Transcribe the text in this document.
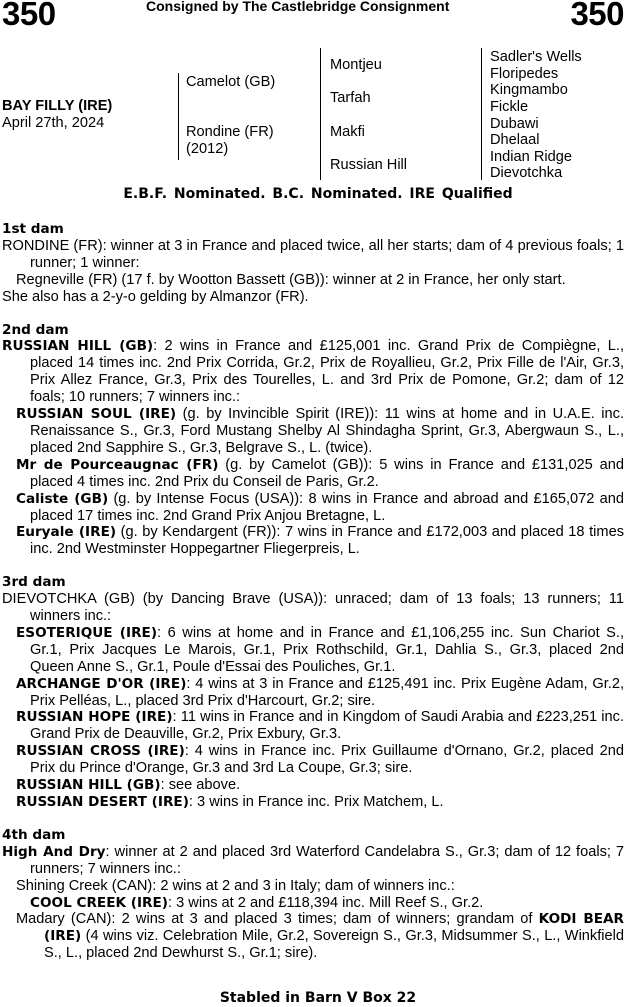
350	Consigned by The Castlebridge Consignment	350
BAY FILLY (IRE)
April 27th, 2024
Camelot (GB)
Rondine (FR)
(2012)
Montjeu
Tarfah
Makfi
Russian Hill
Sadler's Wells
Floripedes
Kingmambo
Fickle
Dubawi
Dhelaal
Indian Ridge
Dievotchka
E.B.F. Nominated. B.C. Nominated. IRE Qualified
1st dam

RONDINE (FR): winner at 3 in France and placed twice, all her starts; dam of 4 previous foals; 1 runner; 1 winner:

Regneville (FR) (17 f. by Wootton Bassett (GB)): winner at 2 in France, her only start.

She also has a 2-y-o gelding by Almanzor (FR).

2nd dam

RUSSIAN HILL (GB): 2 wins in France and £125,001 inc. Grand Prix de Compiègne, L., placed 14 times inc. 2nd Prix Corrida, Gr.2, Prix de Royallieu, Gr.2, Prix Fille de l'Air, Gr.3, Prix Allez France, Gr.3, Prix des Tourelles, L. and 3rd Prix de Pomone, Gr.2; dam of 12 foals; 10 runners; 7 winners inc.:

RUSSIAN SOUL (IRE) (g. by Invincible Spirit (IRE)): 11 wins at home and in U.A.E. inc. Renaissance S., Gr.3, Ford Mustang Shelby Al Shindagha Sprint, Gr.3, Abergwaun S., L., placed 2nd Sapphire S., Gr.3, Belgrave S., L. (twice).

Mr de Pourceaugnac (FR) (g. by Camelot (GB)): 5 wins in France and £131,025 and placed 4 times inc. 2nd Prix du Conseil de Paris, Gr.2.

Caliste (GB) (g. by Intense Focus (USA)): 8 wins in France and abroad and £165,072 and placed 17 times inc. 2nd Grand Prix Anjou Bretagne, L.

Euryale (IRE) (g. by Kendargent (FR)): 7 wins in France and £172,003 and placed 18 times inc. 2nd Westminster Hoppegartner Fliegerpreis, L.

3rd dam

DIEVOTCHKA (GB) (by Dancing Brave (USA)): unraced; dam of 13 foals; 13 runners; 11 winners inc.:

ESOTERIQUE (IRE): 6 wins at home and in France and £1,106,255 inc. Sun Chariot S., Gr.1, Prix Jacques Le Marois, Gr.1, Prix Rothschild, Gr.1, Dahlia S., Gr.3, placed 2nd Queen Anne S., Gr.1, Poule d'Essai des Pouliches, Gr.1.

ARCHANGE D'OR (IRE): 4 wins at 3 in France and £125,491 inc. Prix Eugène Adam, Gr.2, Prix Pelléas, L., placed 3rd Prix d'Harcourt, Gr.2; sire.

RUSSIAN HOPE (IRE): 11 wins in France and in Kingdom of Saudi Arabia and £223,251 inc. Grand Prix de Deauville, Gr.2, Prix Exbury, Gr.3.

RUSSIAN CROSS (IRE): 4 wins in France inc. Prix Guillaume d'Ornano, Gr.2, placed 2nd Prix du Prince d'Orange, Gr.3 and 3rd La Coupe, Gr.3; sire.

RUSSIAN HILL (GB): see above.

RUSSIAN DESERT (IRE): 3 wins in France inc. Prix Matchem, L.

4th dam

High And Dry: winner at 2 and placed 3rd Waterford Candelabra S., Gr.3; dam of 12 foals; 7 runners; 7 winners inc.:

Shining Creek (CAN): 2 wins at 2 and 3 in Italy; dam of winners inc.:

COOL CREEK (IRE): 3 wins at 2 and £118,394 inc. Mill Reef S., Gr.2.

Madary (CAN): 2 wins at 3 and placed 3 times; dam of winners; grandam of KODI BEAR (IRE) (4 wins viz. Celebration Mile, Gr.2, Sovereign S., Gr.3, Midsummer S., L., Winkfield S., L., placed 2nd Dewhurst S., Gr.1; sire).

Stabled in Barn V Box 22
